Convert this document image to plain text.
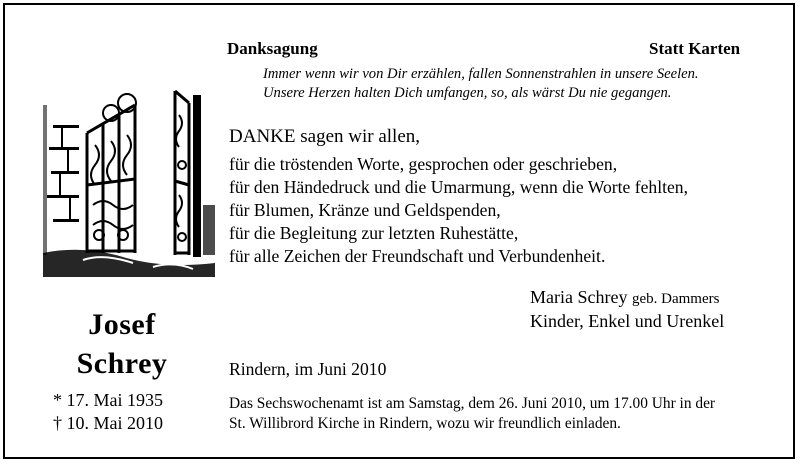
Danksagung	Statt Karten
Immer wenn wir von Dir erzählen, fallen Sonnenstrahlen in unsere Seelen.
Unsere Herzen halten Dich umfangen, so, als wärst Du nie gegangen.
DANKE sagen wir allen,
für die tröstenden Worte, gesprochen oder geschrieben,
für den Händedruck und die Umarmung, wenn die Worte fehlten,
für Blumen, Kränze und Geldspenden,
für die Begleitung zur letzten Ruhestätte,
für alle Zeichen der Freundschaft und Verbundenheit.
Maria Schrey geb. Dammers
Kinder, Enkel und Urenkel
Josef
Schrey
* 17. Mai 1935
† 10. Mai 2010
Rindern, im Juni 2010
Das Sechswochenamt ist am Samstag, dem 26. Juni 2010, um 17.00 Uhr in der
St. Willibrord Kirche in Rindern, wozu wir freundlich einladen.
